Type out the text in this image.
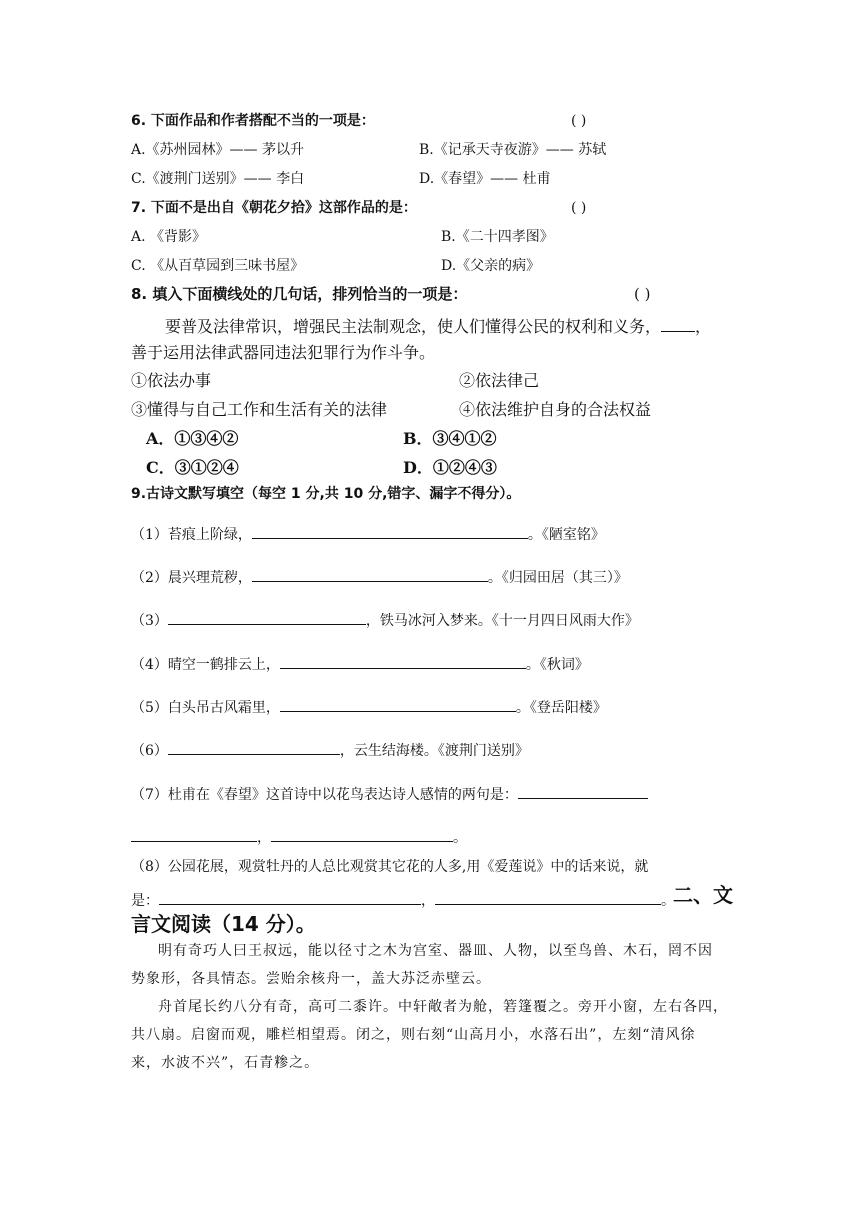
6. 下面作品和作者搭配不当的一项是：	( )
A.《苏州园林》—— 茅以升	B.《记承天寺夜游》—— 苏轼
C.《渡荆门送别》—— 李白	D.《春望》—— 杜甫
7. 下面不是出自《朝花夕拾》这部作品的是：	( )
A. 《背影》	B.《二十四孝图》
C. 《从百草园到三味书屋》	D.《父亲的病》
8. 填入下面横线处的几句话，排列恰当的一项是：	( )
要普及法律常识，增强民主法制观念，使人们懂得公民的权利和义务， ，
善于运用法律武器同违法犯罪行为作斗争。
①依法办事	②依法律己
③懂得与自己工作和生活有关的法律	④依法维护自身的合法权益
A．①③④②	B．③④①②
C．③①②④	D．①②④③
9.古诗文默写填空（每空 1 分,共 10 分,错字、漏字不得分）。
（1）苔痕上阶绿，	。《陋室铭》
（2）晨兴理荒秽，	。《归园田居（其三）》
（3）	，铁马冰河入梦来。《十一月四日风雨大作》
（4）晴空一鹤排云上，	。《秋词》
（5）白头吊古风霜里，	。《登岳阳楼》
（6）	，云生结海楼。《渡荆门送别》
（7）杜甫在《春望》这首诗中以花鸟表达诗人感情的两句是：
，	。
（8）公园花展，观赏牡丹的人总比观赏其它花的人多,用《爱莲说》中的话来说，就
是：	，	。
二、文
言文阅读（14 分）。
明有奇巧人曰王叔远，能以径寸之木为宫室、器皿、人物，以至鸟兽、木石，罔不因
势象形，各具情态。尝贻余核舟一，盖大苏泛赤壁云。
舟首尾长约八分有奇，高可二黍许。中轩敞者为舱，箬篷覆之。旁开小窗，左右各四，
共八扇。启窗而观，雕栏相望焉。闭之，则右刻“山高月小，水落石出”，左刻“清风徐
来，水波不兴”，石青糁之。
